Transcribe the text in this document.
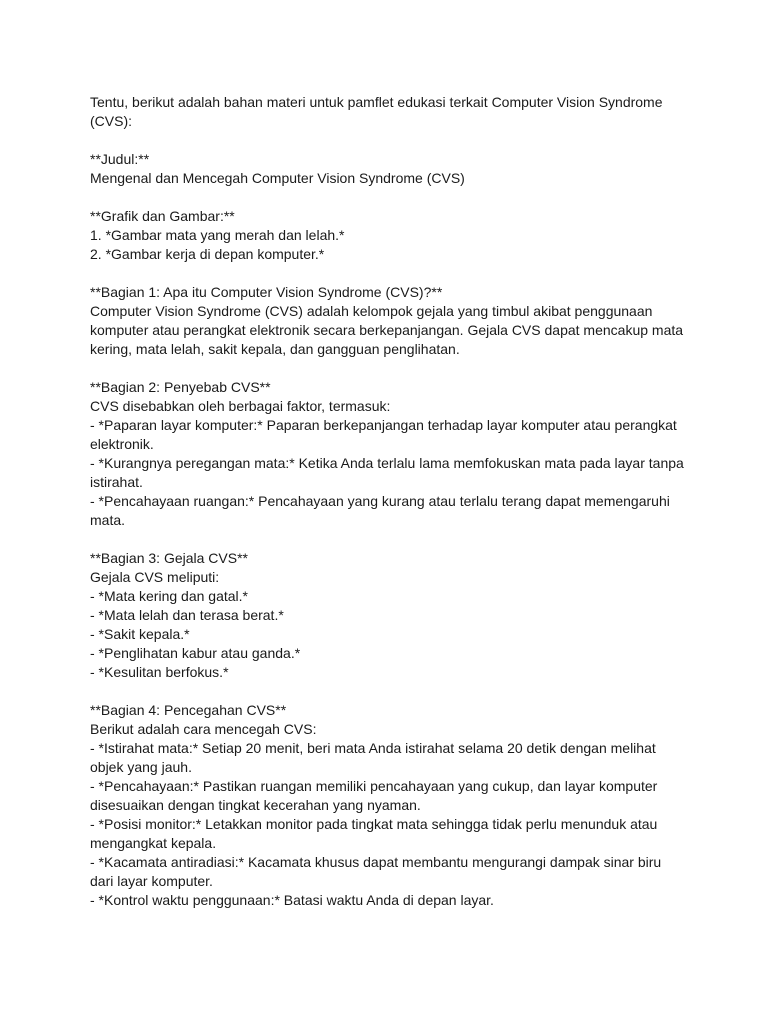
Tentu, berikut adalah bahan materi untuk pamflet edukasi terkait Computer Vision Syndrome
(CVS):
**Judul:**
Mengenal dan Mencegah Computer Vision Syndrome (CVS)
**Grafik dan Gambar:**
1. *Gambar mata yang merah dan lelah.*
2. *Gambar kerja di depan komputer.*
**Bagian 1: Apa itu Computer Vision Syndrome (CVS)?**
Computer Vision Syndrome (CVS) adalah kelompok gejala yang timbul akibat penggunaan
komputer atau perangkat elektronik secara berkepanjangan. Gejala CVS dapat mencakup mata
kering, mata lelah, sakit kepala, dan gangguan penglihatan.
**Bagian 2: Penyebab CVS**
CVS disebabkan oleh berbagai faktor, termasuk:
- *Paparan layar komputer:* Paparan berkepanjangan terhadap layar komputer atau perangkat
elektronik.
- *Kurangnya peregangan mata:* Ketika Anda terlalu lama memfokuskan mata pada layar tanpa
istirahat.
- *Pencahayaan ruangan:* Pencahayaan yang kurang atau terlalu terang dapat memengaruhi
mata.
**Bagian 3: Gejala CVS**
Gejala CVS meliputi:
- *Mata kering dan gatal.*
- *Mata lelah dan terasa berat.*
- *Sakit kepala.*
- *Penglihatan kabur atau ganda.*
- *Kesulitan berfokus.*
**Bagian 4: Pencegahan CVS**
Berikut adalah cara mencegah CVS:
- *Istirahat mata:* Setiap 20 menit, beri mata Anda istirahat selama 20 detik dengan melihat
objek yang jauh.
- *Pencahayaan:* Pastikan ruangan memiliki pencahayaan yang cukup, dan layar komputer
disesuaikan dengan tingkat kecerahan yang nyaman.
- *Posisi monitor:* Letakkan monitor pada tingkat mata sehingga tidak perlu menunduk atau
mengangkat kepala.
- *Kacamata antiradiasi:* Kacamata khusus dapat membantu mengurangi dampak sinar biru
dari layar komputer.
- *Kontrol waktu penggunaan:* Batasi waktu Anda di depan layar.
